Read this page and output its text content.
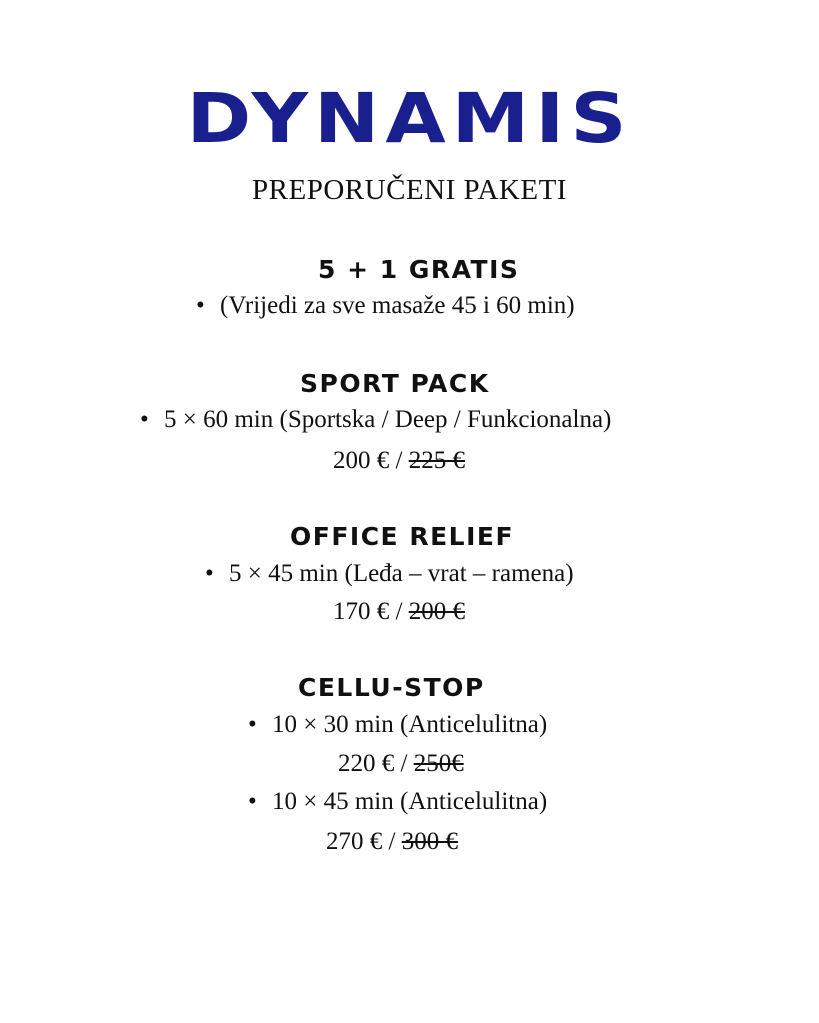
DYNAMIS
PREPORUČENI PAKETI
5 + 1 GRATIS
• (Vrijedi za sve masaže 45 i 60 min)
SPORT PACK
• 5 × 60 min (Sportska / Deep / Funkcionalna)
200 € / 225 €
OFFICE RELIEF
• 5 × 45 min (Leđa – vrat – ramena)
170 € / 200 €
CELLU-STOP
• 10 × 30 min (Anticelulitna)
220 € / 250€
• 10 × 45 min (Anticelulitna)
270 € / 300 €
